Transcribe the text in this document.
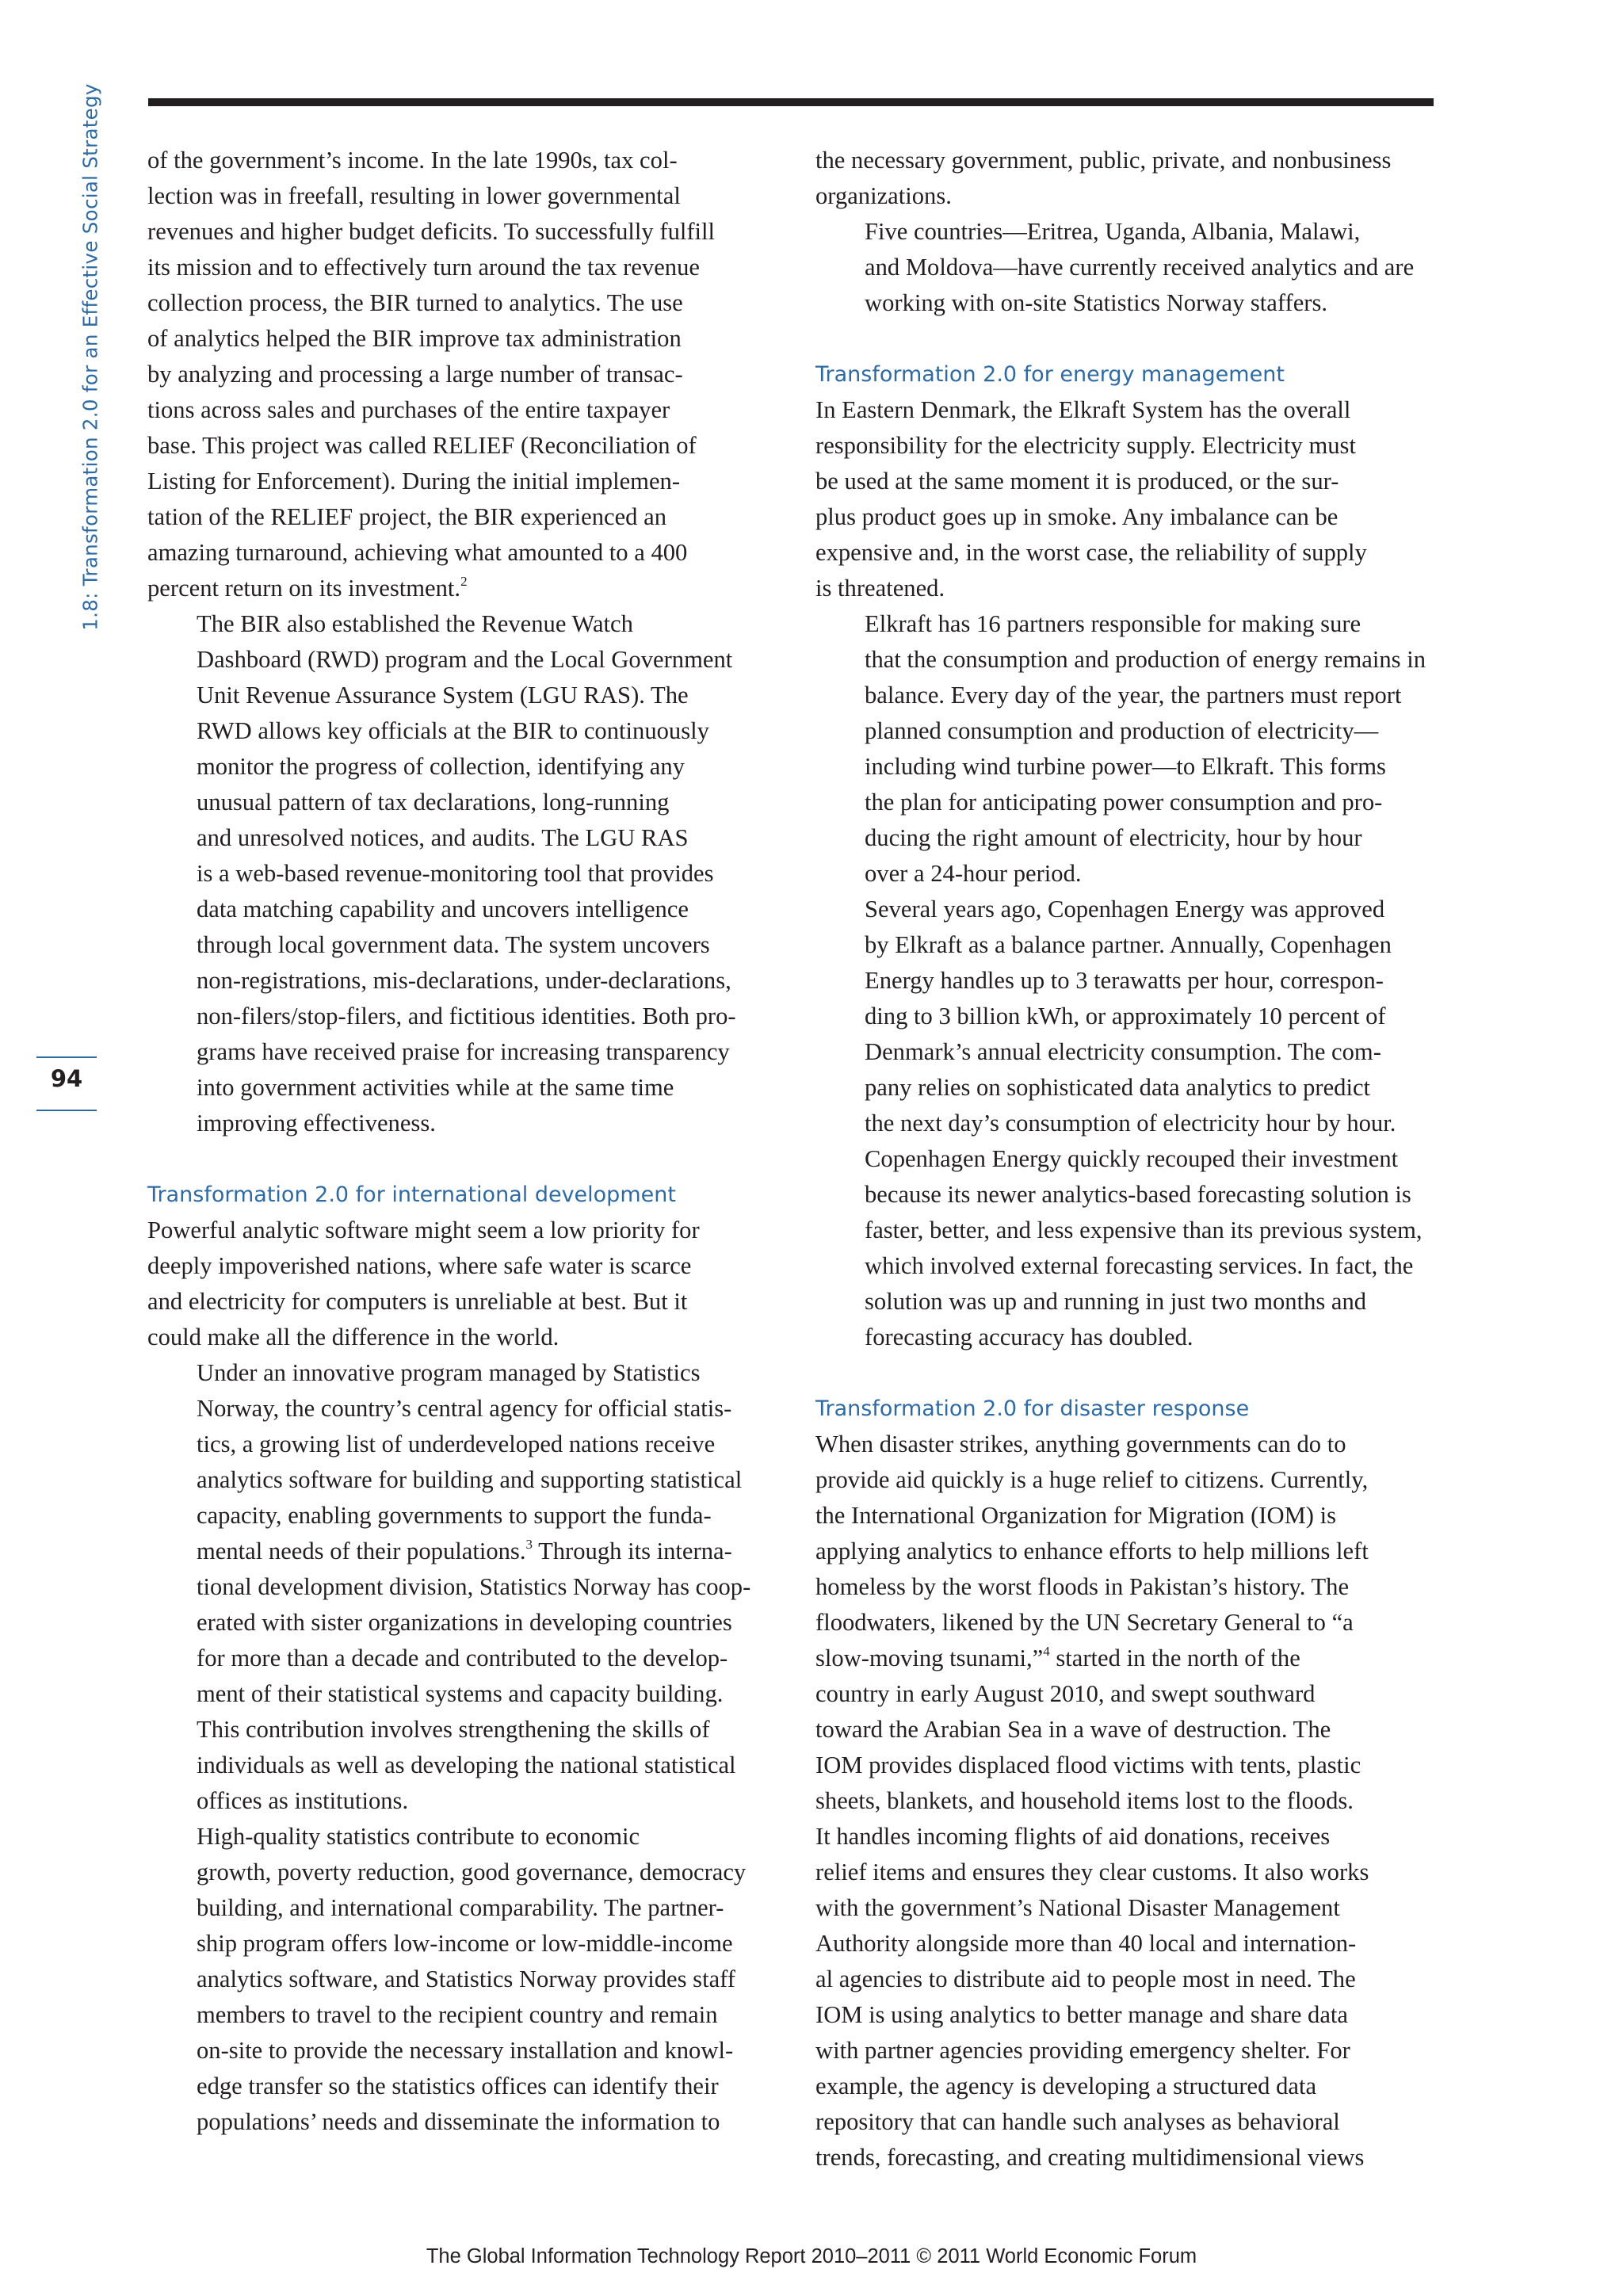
1.8: Transformation 2.0 for an Effective Social Strategy
94

of the government’s income. In the late 1990s, tax col-
lection was in freefall, resulting in lower governmental
revenues and higher budget deficits. To successfully fulfill
its mission and to effectively turn around the tax revenue
collection process, the BIR turned to analytics. The use
of analytics helped the BIR improve tax administration
by analyzing and processing a large number of transac-
tions across sales and purchases of the entire taxpayer
base. This project was called RELIEF (Reconciliation of
Listing for Enforcement). During the initial implemen-
tation of the RELIEF project, the BIR experienced an
amazing turnaround, achieving what amounted to a 400
percent return on its investment.$^2$

The BIR also established the Revenue Watch
Dashboard (RWD) program and the Local Government
Unit Revenue Assurance System (LGU RAS). The
RWD allows key officials at the BIR to continuously
monitor the progress of collection, identifying any
unusual pattern of tax declarations, long-running
and unresolved notices, and audits. The LGU RAS
is a web-based revenue-monitoring tool that provides
data matching capability and uncovers intelligence
through local government data. The system uncovers
non-registrations, mis-declarations, under-declarations,
non-filers/stop-filers, and fictitious identities. Both pro-
grams have received praise for increasing transparency
into government activities while at the same time
improving effectiveness.

Transformation 2.0 for international development

Powerful analytic software might seem a low priority for
deeply impoverished nations, where safe water is scarce
and electricity for computers is unreliable at best. But it
could make all the difference in the world.

Under an innovative program managed by Statistics
Norway, the country’s central agency for official statis-
tics, a growing list of underdeveloped nations receive
analytics software for building and supporting statistical
capacity, enabling governments to support the funda-
mental needs of their populations.$^3$ Through its interna-
tional development division, Statistics Norway has coop-
erated with sister organizations in developing countries
for more than a decade and contributed to the develop-
ment of their statistical systems and capacity building.
This contribution involves strengthening the skills of
individuals as well as developing the national statistical
offices as institutions.

High-quality statistics contribute to economic
growth, poverty reduction, good governance, democracy
building, and international comparability. The partner-
ship program offers low-income or low-middle-income
analytics software, and Statistics Norway provides staff
members to travel to the recipient country and remain
on-site to provide the necessary installation and knowl-
edge transfer so the statistics offices can identify their
populations’ needs and disseminate the information to

the necessary government, public, private, and nonbusiness
organizations.

Five countries—Eritrea, Uganda, Albania, Malawi,
and Moldova—have currently received analytics and are
working with on-site Statistics Norway staffers.

Transformation 2.0 for energy management

In Eastern Denmark, the Elkraft System has the overall
responsibility for the electricity supply. Electricity must
be used at the same moment it is produced, or the sur-
plus product goes up in smoke. Any imbalance can be
expensive and, in the worst case, the reliability of supply
is threatened.

Elkraft has 16 partners responsible for making sure
that the consumption and production of energy remains in
balance. Every day of the year, the partners must report
planned consumption and production of electricity—
including wind turbine power—to Elkraft. This forms
the plan for anticipating power consumption and pro-
ducing the right amount of electricity, hour by hour
over a 24-hour period.

Several years ago, Copenhagen Energy was approved
by Elkraft as a balance partner. Annually, Copenhagen
Energy handles up to 3 terawatts per hour, correspon-
ding to 3 billion kWh, or approximately 10 percent of
Denmark’s annual electricity consumption. The com-
pany relies on sophisticated data analytics to predict
the next day’s consumption of electricity hour by hour.
Copenhagen Energy quickly recouped their investment
because its newer analytics-based forecasting solution is
faster, better, and less expensive than its previous system,
which involved external forecasting services. In fact, the
solution was up and running in just two months and
forecasting accuracy has doubled.

Transformation 2.0 for disaster response

When disaster strikes, anything governments can do to
provide aid quickly is a huge relief to citizens. Currently,
the International Organization for Migration (IOM) is
applying analytics to enhance efforts to help millions left
homeless by the worst floods in Pakistan’s history. The
floodwaters, likened by the UN Secretary General to “a
slow-moving tsunami,”$^4$ started in the north of the
country in early August 2010, and swept southward
toward the Arabian Sea in a wave of destruction. The
IOM provides displaced flood victims with tents, plastic
sheets, blankets, and household items lost to the floods.
It handles incoming flights of aid donations, receives
relief items and ensures they clear customs. It also works
with the government’s National Disaster Management
Authority alongside more than 40 local and internation-
al agencies to distribute aid to people most in need. The
IOM is using analytics to better manage and share data
with partner agencies providing emergency shelter. For
example, the agency is developing a structured data
repository that can handle such analyses as behavioral
trends, forecasting, and creating multidimensional views

The Global Information Technology Report 2010–2011 © 2011 World Economic Forum
